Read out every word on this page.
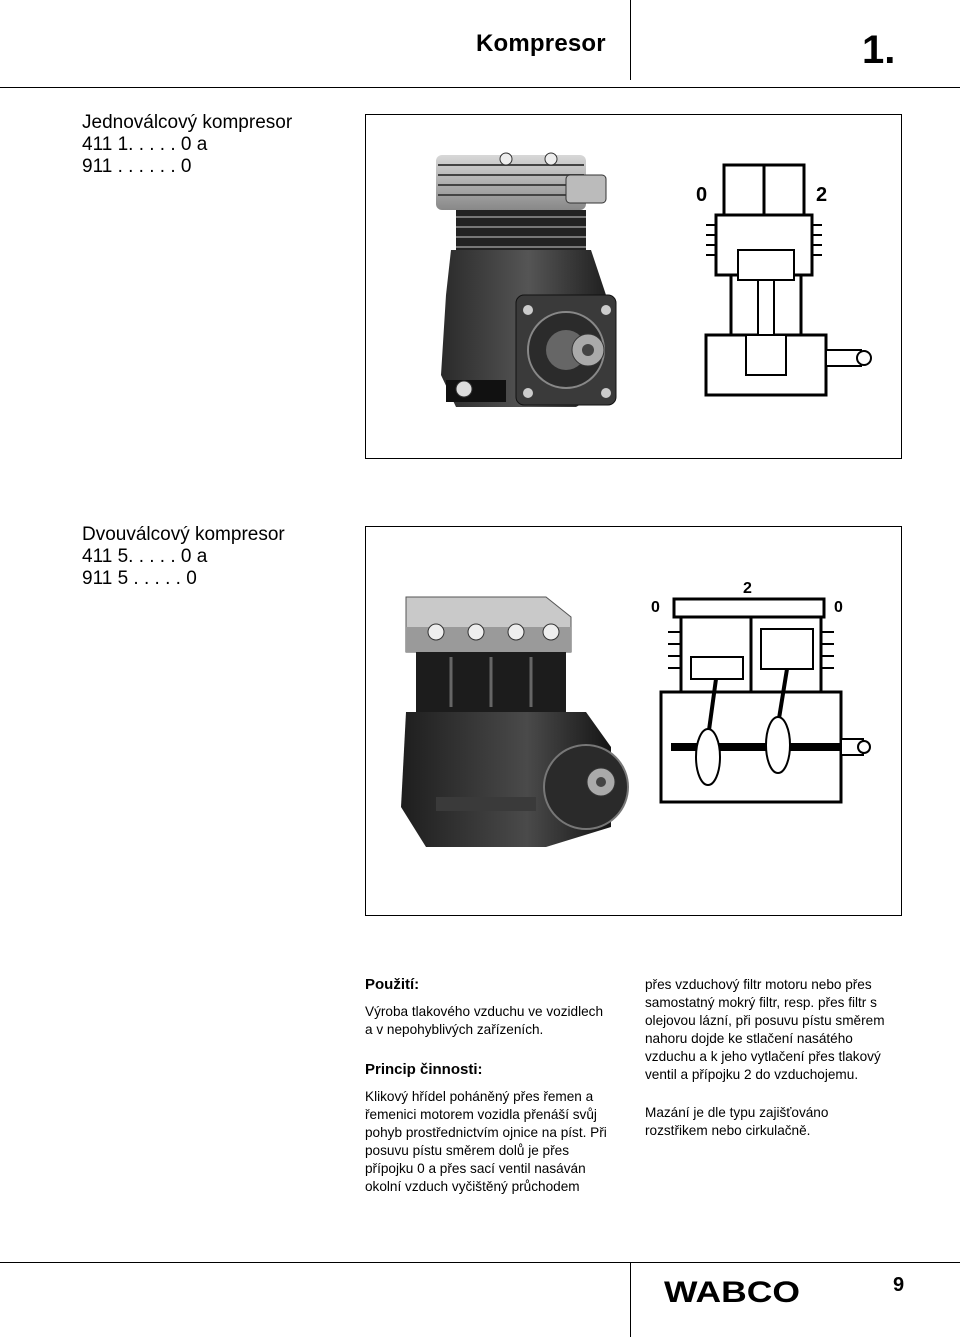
Kompresor	1.
Jednoválcový kompresor
411 1. . . . . 0 a
911 . . . . . . 0
0	2
Dvouválcový kompresor
411 5. . . . . 0 a
911 5 . . . . . 0
0
2
0
Použití:

Výroba tlakového vzduchu ve vozidlech
a v nepohyblivých zařízeních.

Princip činnosti:

Klikový hřídel poháněný přes řemen a
řemenici motorem vozidla přenáší svůj
pohyb prostřednictvím ojnice na píst. Při
posuvu pístu směrem dolů je přes
přípojku 0 a přes sací ventil nasáván
okolní vzduch vyčištěný průchodem

přes vzduchový filtr motoru nebo přes
samostatný mokrý filtr, resp. přes filtr s
olejovou lázní, při posuvu pístu směrem
nahoru dojde ke stlačení nasátého
vzduchu a k jeho vytlačení přes tlakový
ventil a přípojku 2 do vzduchojemu.

Mazání je dle typu zajišťováno
rozstřikem nebo cirkulačně.

WABCO	9
